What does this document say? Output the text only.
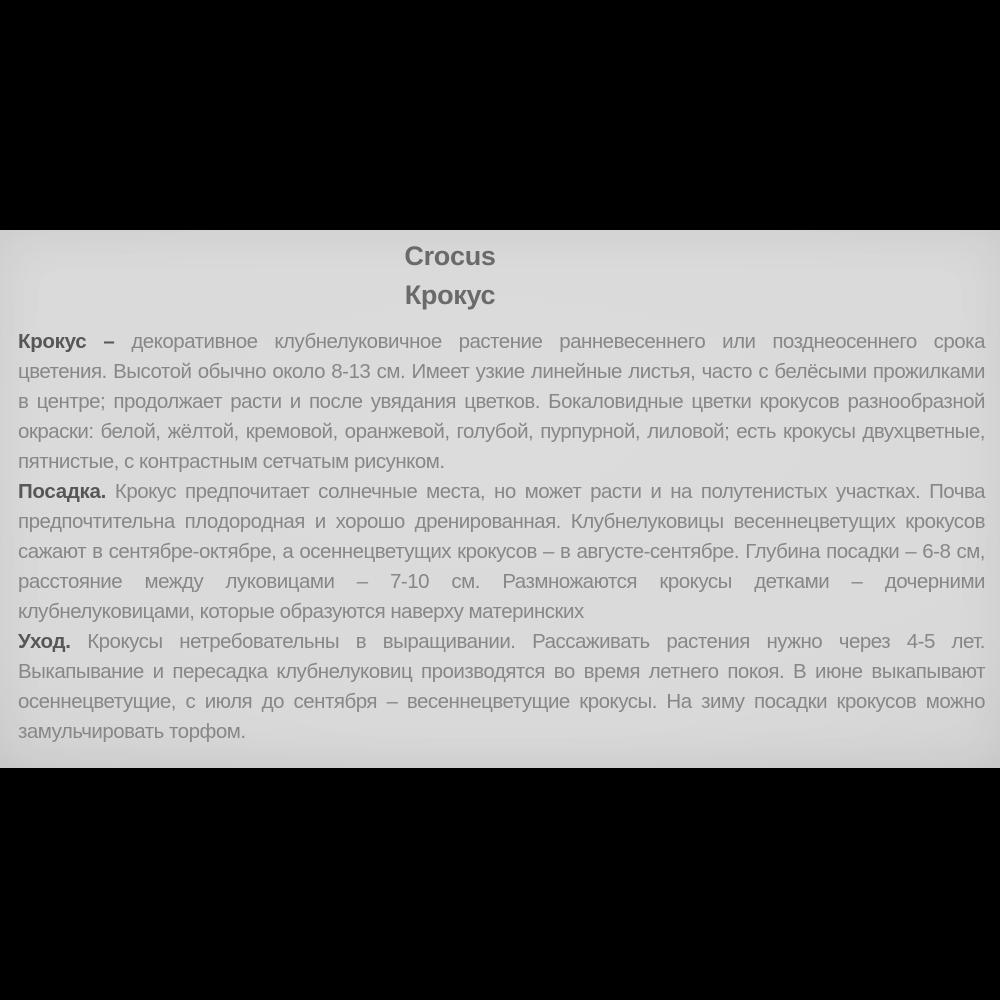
Crocus
Крокус

Крокус – декоративное клубнелуковичное растение ранневесеннего или позднеосеннего срока цветения. Высотой обычно около 8-13 см. Имеет узкие линейные листья, часто с белёсыми прожилками в центре; продолжает расти и после увядания цветков. Бокаловидные цветки крокусов разнообразной окраски: белой, жёлтой, кремовой, оранжевой, голубой, пурпурной, лиловой; есть крокусы двухцветные, пятнистые, с контрастным сетчатым рисунком.

Посадка. Крокус предпочитает солнечные места, но может расти и на полутенистых участках. Почва предпочтительна плодородная и хорошо дренированная. Клубнелуковицы весеннецветущих крокусов сажают в сентябре-октябре, а осеннецветущих крокусов – в августе-сентябре. Глубина посадки – 6-8 см, расстояние между луковицами – 7-10 см. Размножаются крокусы детками – дочерними клубнелуковицами, которые образуются наверху материнских

Уход. Крокусы нетребовательны в выращивании. Рассаживать растения нужно через 4-5 лет. Выкапывание и пересадка клубнелуковиц производятся во время летнего покоя. В июне выкапывают осеннецветущие, с июля до сентября – весеннецветущие крокусы. На зиму посадки крокусов можно замульчировать торфом.
